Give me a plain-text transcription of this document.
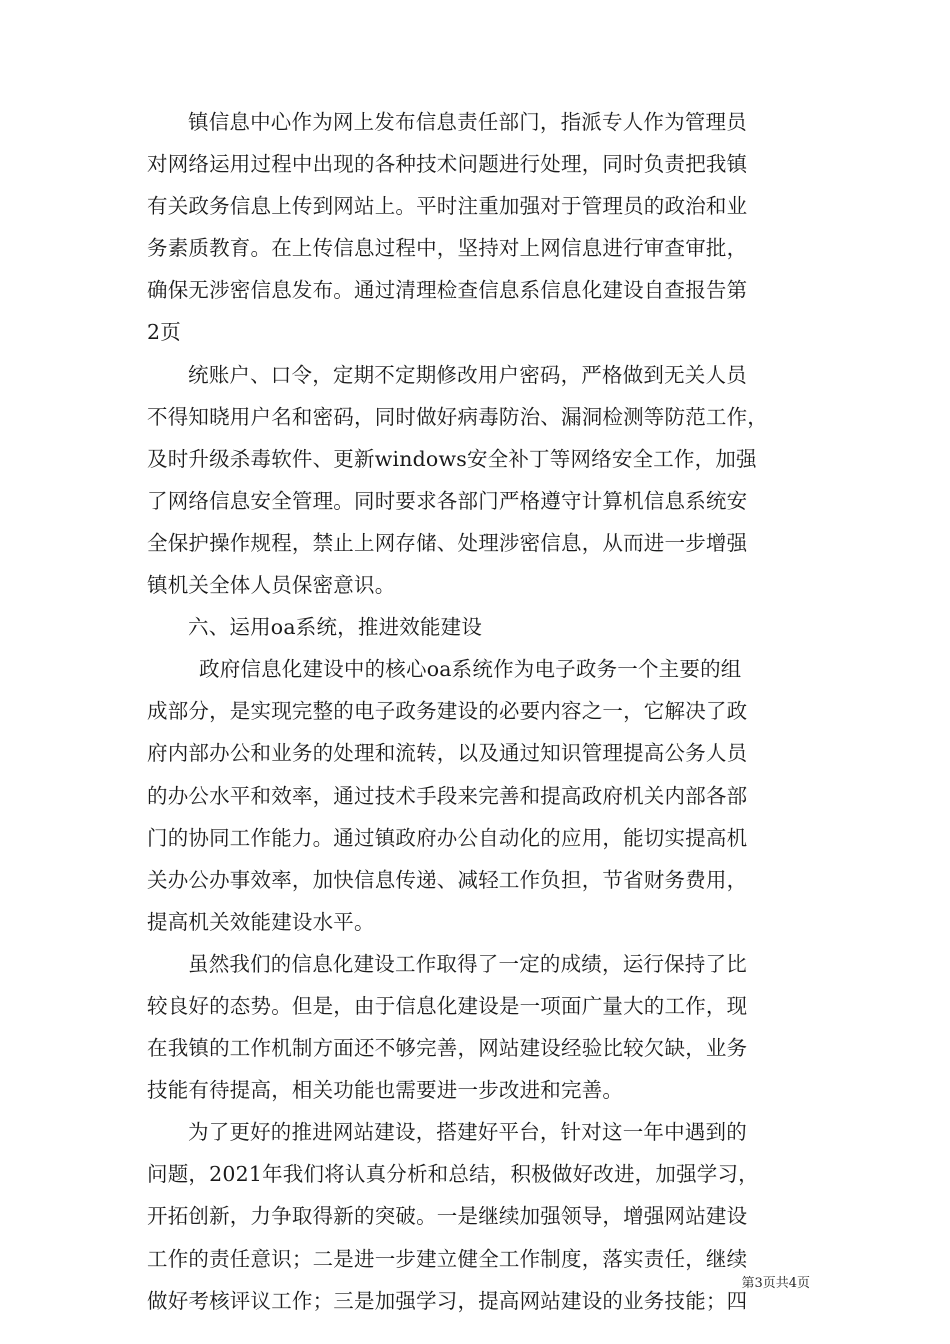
镇信息中心作为网上发布信息责任部门，指派专人作为管理员
对网络运用过程中出现的各种技术问题进行处理，同时负责把我镇
有关政务信息上传到网站上。平时注重加强对于管理员的政治和业
务素质教育。在上传信息过程中，坚持对上网信息进行审查审批，
确保无涉密信息发布。通过清理检查信息系信息化建设自查报告第
2页
统账户、口令，定期不定期修改用户密码，严格做到无关人员
不得知晓用户名和密码，同时做好病毒防治、漏洞检测等防范工作，
及时升级杀毒软件、更新windows安全补丁等网络安全工作，加强
了网络信息安全管理。同时要求各部门严格遵守计算机信息系统安
全保护操作规程，禁止上网存储、处理涉密信息，从而进一步增强
镇机关全体人员保密意识。
六、运用oa系统，推进效能建设
政府信息化建设中的核心oa系统作为电子政务一个主要的组
成部分，是实现完整的电子政务建设的必要内容之一，它解决了政
府内部办公和业务的处理和流转，以及通过知识管理提高公务人员
的办公水平和效率，通过技术手段来完善和提高政府机关内部各部
门的协同工作能力。通过镇政府办公自动化的应用，能切实提高机
关办公办事效率，加快信息传递、减轻工作负担，节省财务费用，
提高机关效能建设水平。
虽然我们的信息化建设工作取得了一定的成绩，运行保持了比
较良好的态势。但是，由于信息化建设是一项面广量大的工作，现
在我镇的工作机制方面还不够完善，网站建设经验比较欠缺，业务
技能有待提高，相关功能也需要进一步改进和完善。
为了更好的推进网站建设，搭建好平台，针对这一年中遇到的
问题，2021年我们将认真分析和总结，积极做好改进，加强学习，
开拓创新，力争取得新的突破。一是继续加强领导，增强网站建设
工作的责任意识；二是进一步建立健全工作制度，落实责任，继续
做好考核评议工作；三是加强学习，提高网站建设的业务技能；四
第3页共4页
